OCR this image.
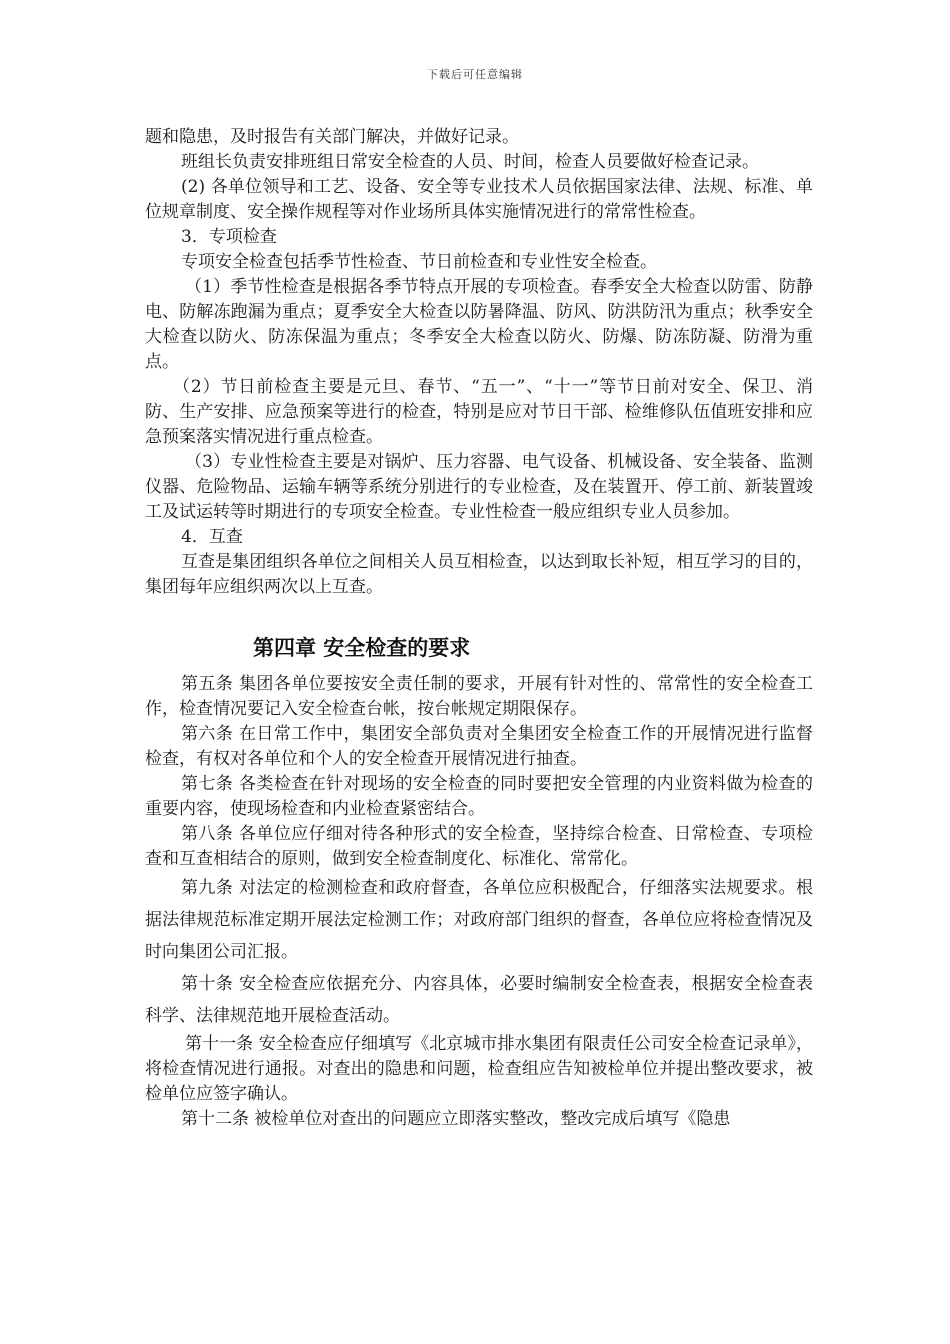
下载后可任意编辑

题和隐患，及时报告有关部门解决，并做好记录。

班组长负责安排班组日常安全检查的人员、时间，检查人员要做好检查记录。

(2) 各单位领导和工艺、设备、安全等专业技术人员依据国家法律、法规、标准、单位规章制度、安全操作规程等对作业场所具体实施情况进行的常常性检查。

3．专项检查

专项安全检查包括季节性检查、节日前检查和专业性安全检查。

（1）季节性检查是根据各季节特点开展的专项检查。春季安全大检查以防雷、防静电、防解冻跑漏为重点；夏季安全大检查以防暑降温、防风、防洪防汛为重点；秋季安全大检查以防火、防冻保温为重点；冬季安全大检查以防火、防爆、防冻防凝、防滑为重点。

（2）节日前检查主要是元旦、春节、“五一”、“十一”等节日前对安全、保卫、消防、生产安排、应急预案等进行的检查，特别是应对节日干部、检维修队伍值班安排和应急预案落实情况进行重点检查。

（3）专业性检查主要是对锅炉、压力容器、电气设备、机械设备、安全装备、监测仪器、危险物品、运输车辆等系统分别进行的专业检查，及在装置开、停工前、新装置竣工及试运转等时期进行的专项安全检查。专业性检查一般应组织专业人员参加。

4．互查

互查是集团组织各单位之间相关人员互相检查，以达到取长补短，相互学习的目的，集团每年应组织两次以上互查。

第四章 安全检查的要求

第五条 集团各单位要按安全责任制的要求，开展有针对性的、常常性的安全检查工作，检查情况要记入安全检查台帐，按台帐规定期限保存。

第六条 在日常工作中，集团安全部负责对全集团安全检查工作的开展情况进行监督检查，有权对各单位和个人的安全检查开展情况进行抽查。

第七条 各类检查在针对现场的安全检查的同时要把安全管理的内业资料做为检查的重要内容，使现场检查和内业检查紧密结合。

第八条 各单位应仔细对待各种形式的安全检查，坚持综合检查、日常检查、专项检查和互查相结合的原则，做到安全检查制度化、标准化、常常化。

第九条 对法定的检测检查和政府督查，各单位应积极配合，仔细落实法规要求。根据法律规范标准定期开展法定检测工作；对政府部门组织的督查，各单位应将检查情况及时向集团公司汇报。

第十条 安全检查应依据充分、内容具体，必要时编制安全检查表，根据安全检查表科学、法律规范地开展检查活动。

第十一条 安全检查应仔细填写《北京城市排水集团有限责任公司安全检查记录单》，将检查情况进行通报。对查出的隐患和问题，检查组应告知被检单位并提出整改要求，被检单位应签字确认。

第十二条 被检单位对查出的问题应立即落实整改，整改完成后填写《隐患
